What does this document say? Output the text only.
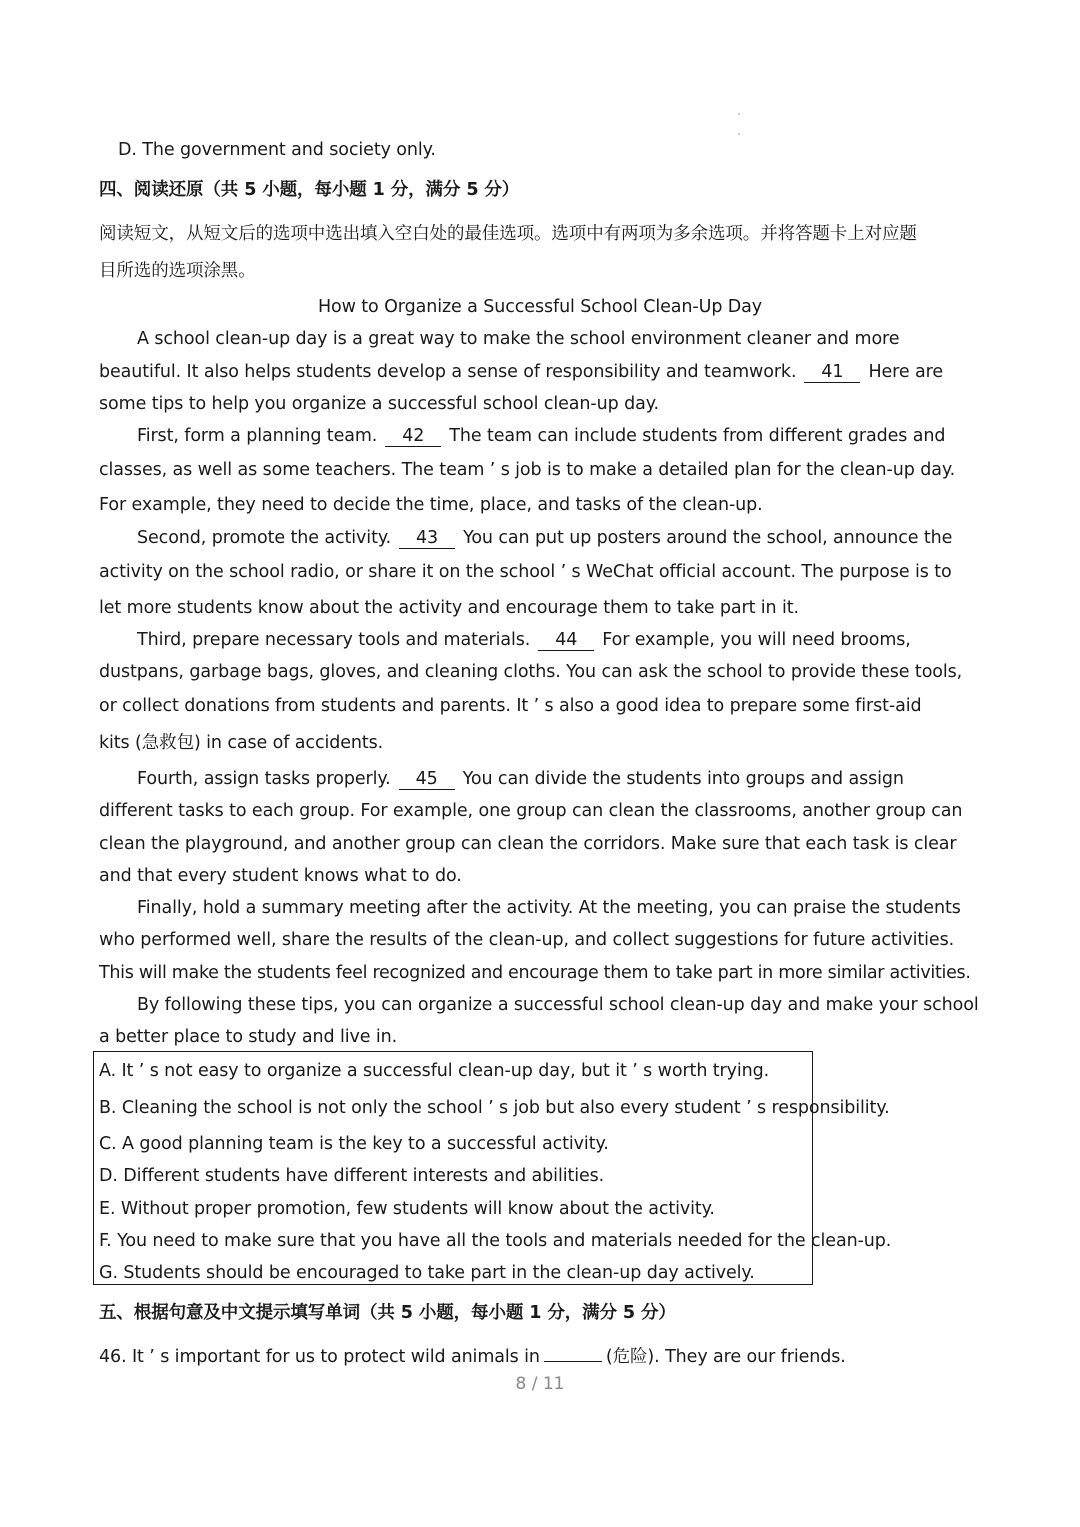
D. The government and society only.
四、阅读还原（共 5 小题，每小题 1 分，满分 5 分）
阅读短文，从短文后的选项中选出填入空白处的最佳选项。选项中有两项为多余选项。并将答题卡上对应题
目所选的选项涂黑。
How to Organize a Successful School Clean-Up Day
A school clean-up day is a great way to make the school environment cleaner and more
beautiful. It also helps students develop a sense of responsibility and teamwork. 41 Here are
some tips to help you organize a successful school clean-up day.
First, form a planning team. 42 The team can include students from different grades and
classes, as well as some teachers. The team ’ s job is to make a detailed plan for the clean-up day.
For example, they need to decide the time, place, and tasks of the clean-up.
Second, promote the activity. 43 You can put up posters around the school, announce the
activity on the school radio, or share it on the school ’ s WeChat official account. The purpose is to
let more students know about the activity and encourage them to take part in it.
Third, prepare necessary tools and materials. 44 For example, you will need brooms,
dustpans, garbage bags, gloves, and cleaning cloths. You can ask the school to provide these tools,
or collect donations from students and parents. It ’ s also a good idea to prepare some first-aid
kits (急救包) in case of accidents.
Fourth, assign tasks properly. 45 You can divide the students into groups and assign
different tasks to each group. For example, one group can clean the classrooms, another group can
clean the playground, and another group can clean the corridors. Make sure that each task is clear
and that every student knows what to do.
Finally, hold a summary meeting after the activity. At the meeting, you can praise the students
who performed well, share the results of the clean-up, and collect suggestions for future activities.
This will make the students feel recognized and encourage them to take part in more similar activities.
By following these tips, you can organize a successful school clean-up day and make your school
a better place to study and live in.
A. It ’ s not easy to organize a successful clean-up day, but it ’ s worth trying.
B. Cleaning the school is not only the school ’ s job but also every student ’ s responsibility.
C. A good planning team is the key to a successful activity.
D. Different students have different interests and abilities.
E. Without proper promotion, few students will know about the activity.
F. You need to make sure that you have all the tools and materials needed for the clean-up.
G. Students should be encouraged to take part in the clean-up day actively.
五、根据句意及中文提示填写单词（共 5 小题，每小题 1 分，满分 5 分）
46. It ’ s important for us to protect wild animals in	(危险). They are our friends.
8 / 11
